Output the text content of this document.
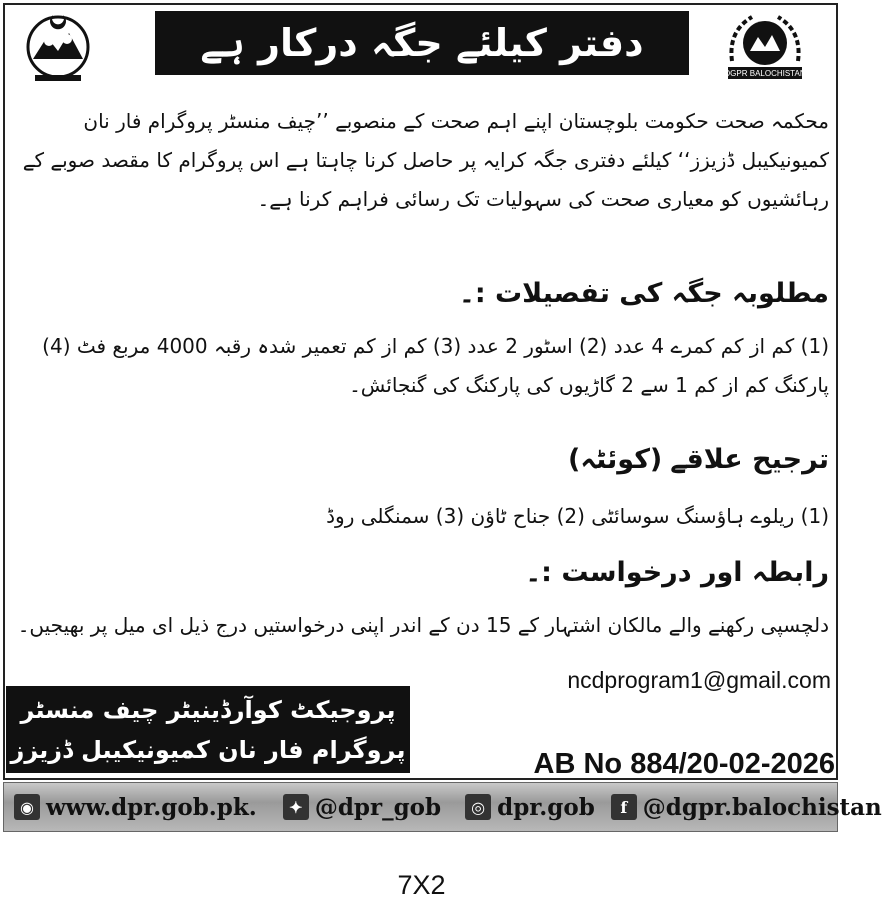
DGPR BALOCHISTAN
دفتر کیلئے جگہ درکار ہے
محکمہ صحت حکومت بلوچستان اپنے اہم صحت کے منصوبے ’’چیف منسٹر پروگرام فار نان کمیونیکیبل ڈزیزز‘‘ کیلئے دفتری جگہ کرایہ پر حاصل کرنا چاہتا ہے اس پروگرام کا مقصد صوبے کے رہائشیوں کو معیاری صحت کی سہولیات تک رسائی فراہم کرنا ہے۔
مطلوبہ جگہ کی تفصیلات :۔
(1) کم از کم کمرے 4 عدد (2) اسٹور 2 عدد (3) کم از کم تعمیر شدہ رقبہ 4000 مربع فٹ (4) پارکنگ کم از کم 1 سے 2 گاڑیوں کی پارکنگ کی گنجائش۔
ترجیح علاقے
(کوئٹہ)
(1) ریلوے ہاؤسنگ سوسائٹی (2) جناح ٹاؤن (3) سمنگلی روڈ
رابطہ اور درخواست :۔
دلچسپی رکھنے والے مالکان اشتہار کے 15 دن کے اندر اپنی درخواستیں درج ذیل ای میل پر بھیجیں۔
ncdprogram1@gmail.com
پروجیکٹ کوآرڈینیٹر چیف منسٹر
پروگرام فار نان کمیونیکیبل ڈزیزز	AB No 884/20-02-2026
◉ www.dpr.gob.pk.	✦ @dpr_gob	◎ dpr.gob	f @dgpr.balochistan
7X2
